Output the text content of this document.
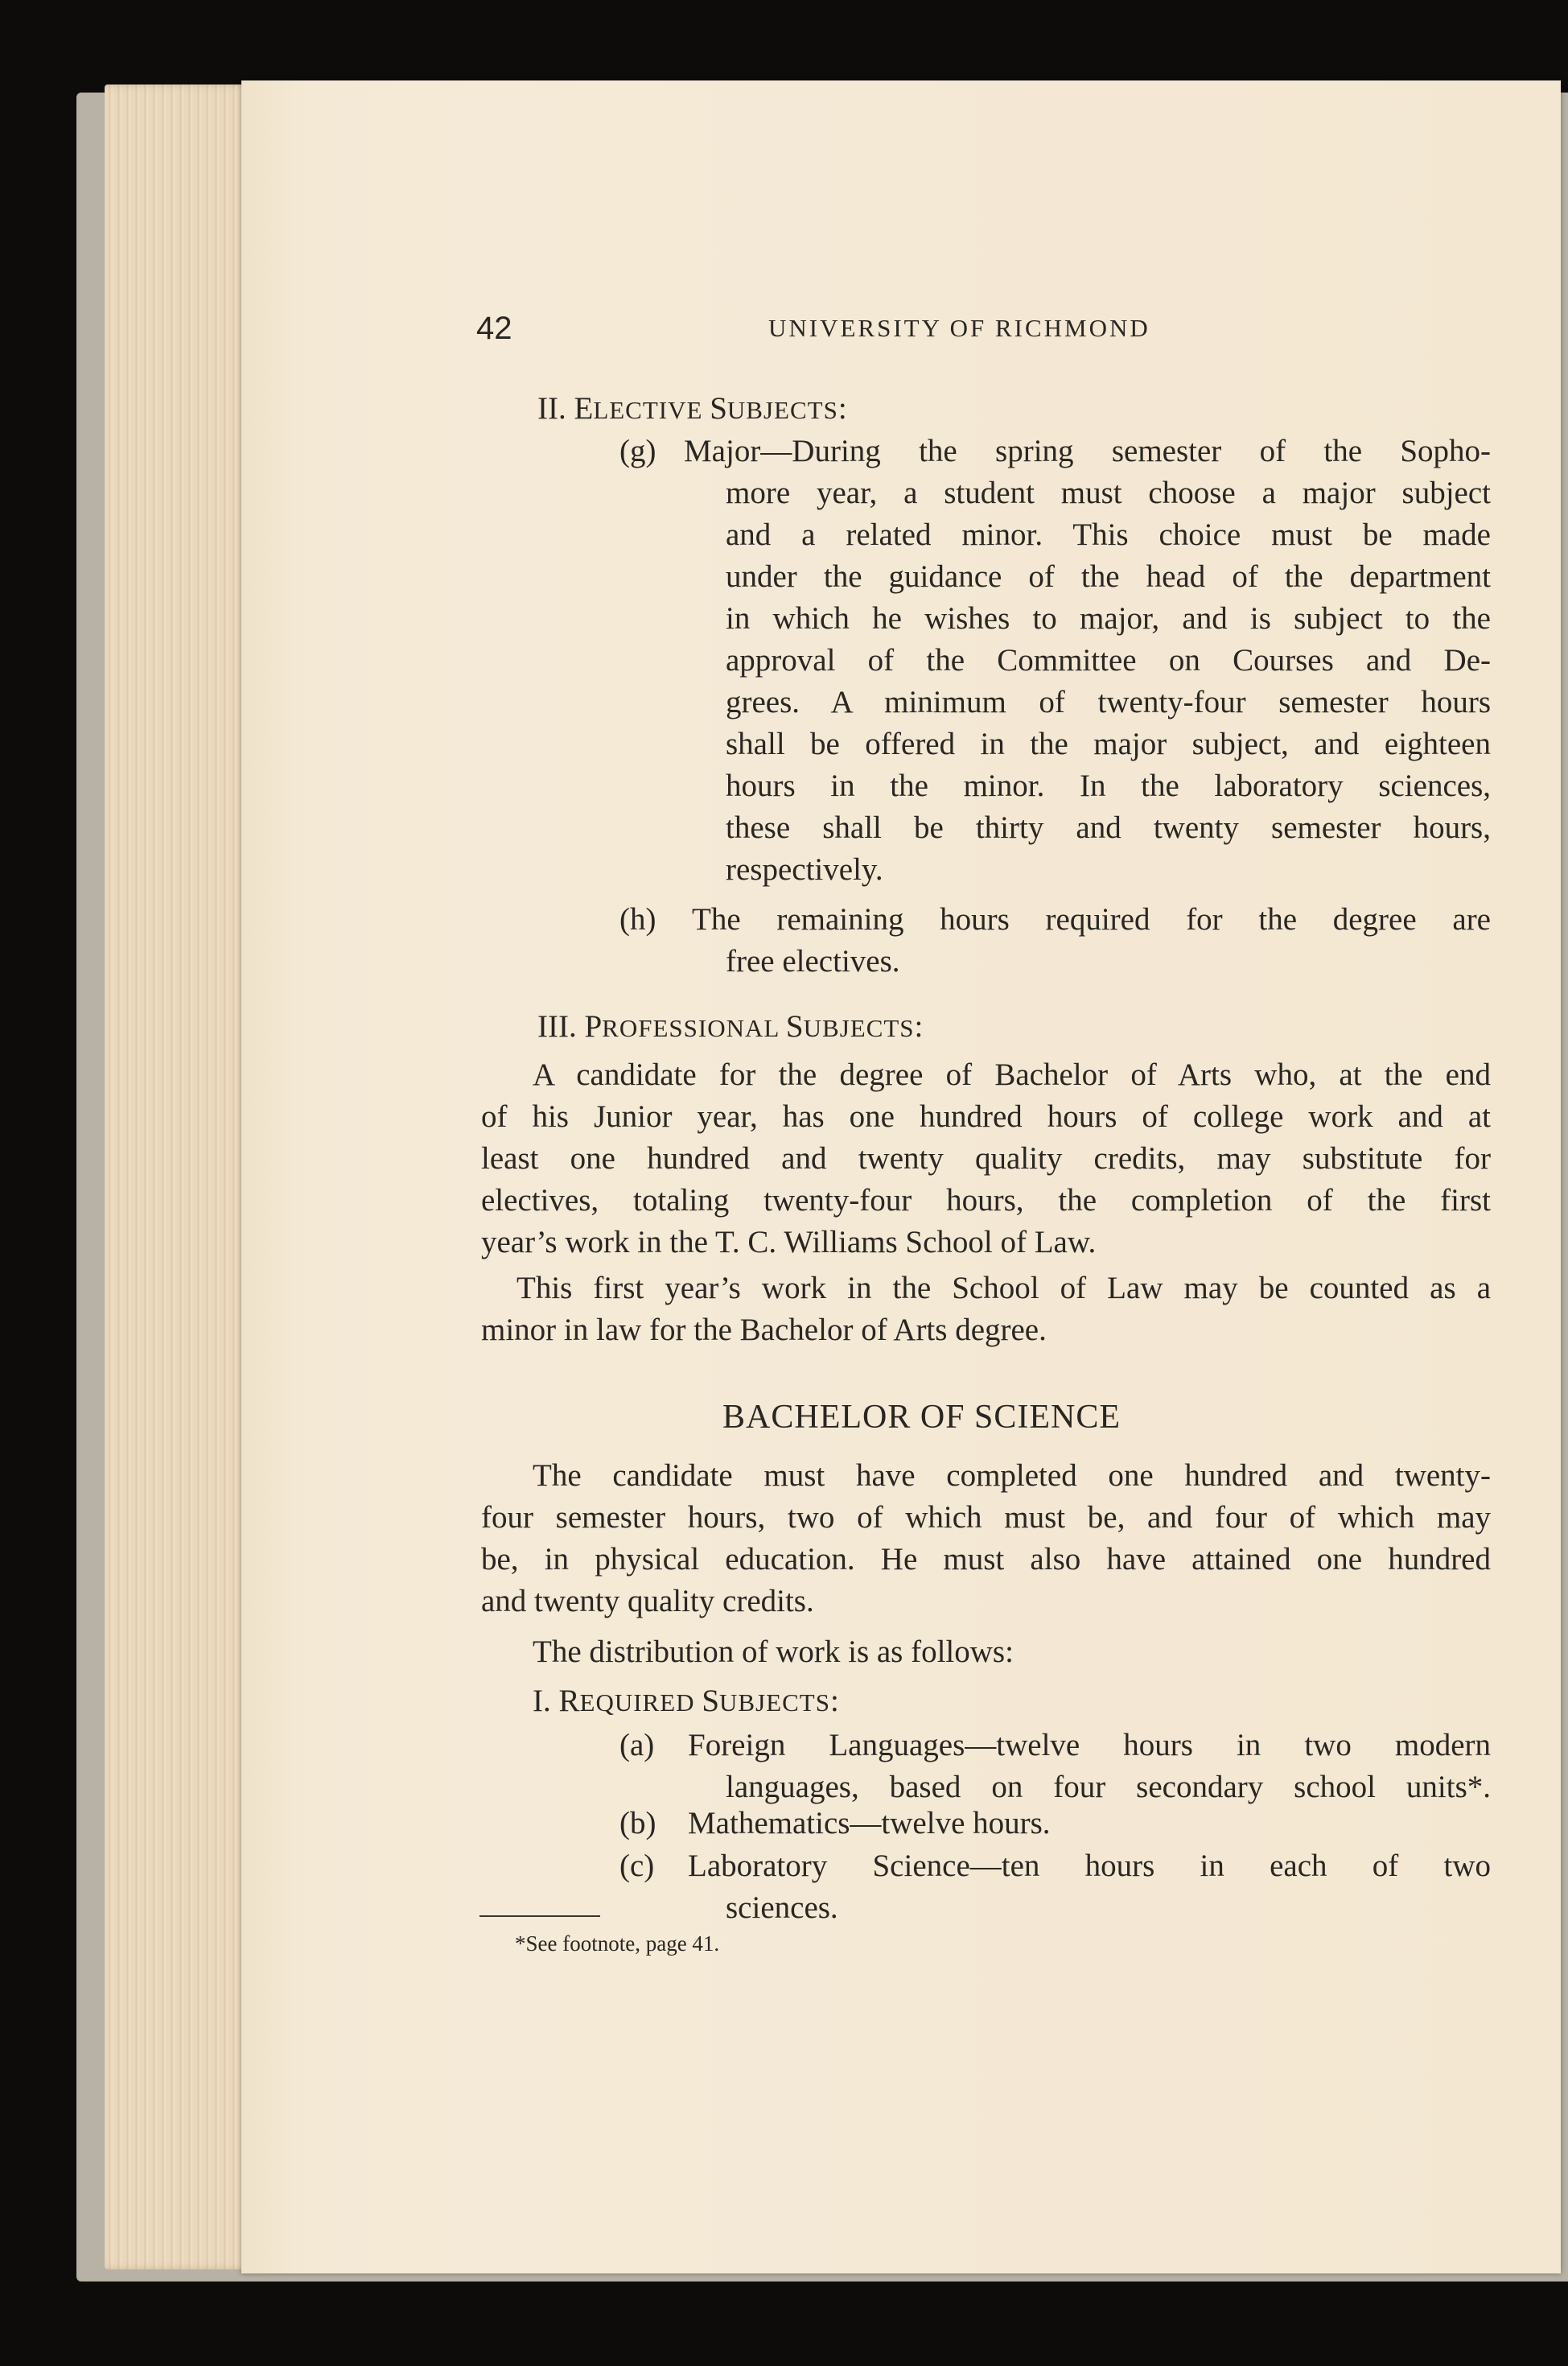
42	UNIVERSITY OF RICHMOND
II. ELECTIVE SUBJECTS:
(g) Major—During the spring semester of the Sopho-
more year, a student must choose a major subject
and a related minor. This choice must be made
under the guidance of the head of the department
in which he wishes to major, and is subject to the
approval of the Committee on Courses and De-
grees. A minimum of twenty-four semester hours
shall be offered in the major subject, and eighteen
hours in the minor. In the laboratory sciences,
these shall be thirty and twenty semester hours,
respectively.
(h) The remaining hours required for the degree are
free electives.
III. PROFESSIONAL SUBJECTS:
A candidate for the degree of Bachelor of Arts who, at the end
of his Junior year, has one hundred hours of college work and at
least one hundred and twenty quality credits, may substitute for
electives, totaling twenty-four hours, the completion of the first
year’s work in the T. C. Williams School of Law.
This first year’s work in the School of Law may be counted as a
minor in law for the Bachelor of Arts degree.
BACHELOR OF SCIENCE
The candidate must have completed one hundred and twenty-
four semester hours, two of which must be, and four of which may
be, in physical education. He must also have attained one hundred
and twenty quality credits.
The distribution of work is as follows:
I. REQUIRED SUBJECTS:
(a) Foreign Languages—twelve hours in two modern
languages, based on four secondary school units*.
(b) Mathematics—twelve hours.
(c) Laboratory Science—ten hours in each of two
sciences.
*See footnote, page 41.
